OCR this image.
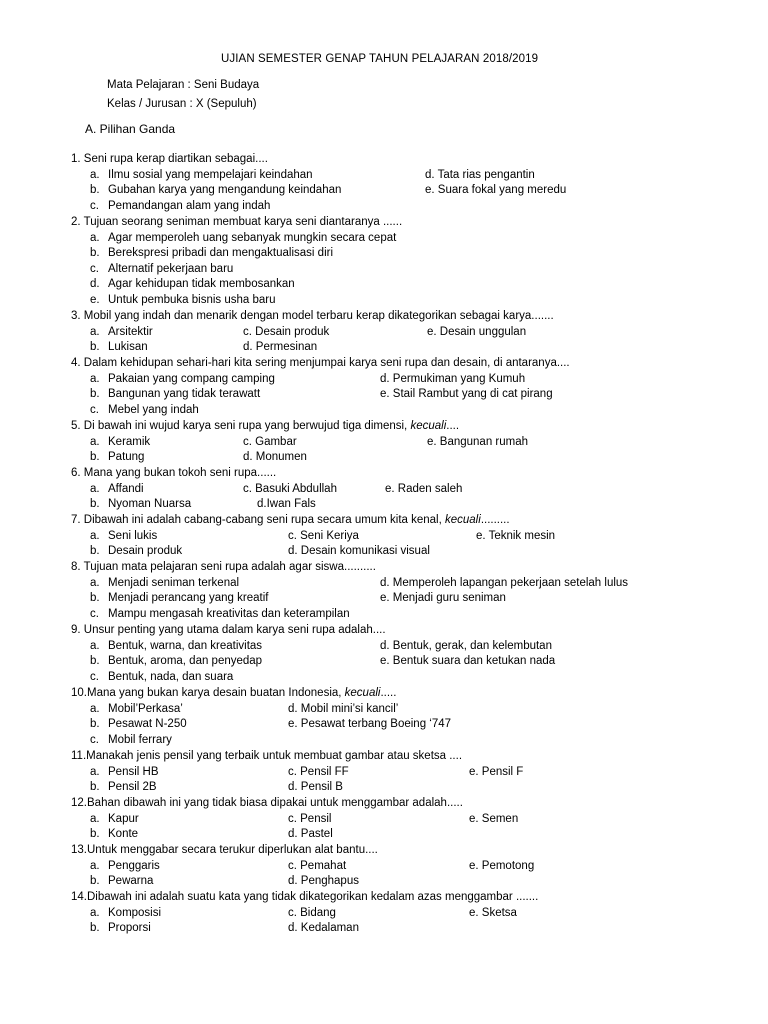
UJIAN SEMESTER GENAP TAHUN PELAJARAN 2018/2019
Mata Pelajaran : Seni Budaya
Kelas / Jurusan : X (Sepuluh)
A. Pilihan Ganda
1. Seni rupa kerap diartikan sebagai....
a. Ilmu sosial yang mempelajari keindahan	d. Tata rias pengantin
b. Gubahan karya yang mengandung keindahan	e. Suara fokal yang meredu
c. Pemandangan alam yang indah
2. Tujuan seorang seniman membuat karya seni diantaranya ......
a. Agar memperoleh uang sebanyak mungkin secara cepat
b. Berekspresi pribadi dan mengaktualisasi diri
c. Alternatif pekerjaan baru
d. Agar kehidupan tidak membosankan
e. Untuk pembuka bisnis usha baru
3. Mobil yang indah dan menarik dengan model terbaru kerap dikategorikan sebagai karya.......
a. Arsitektir	c. Desain produk	e. Desain unggulan
b. Lukisan	d. Permesinan
4. Dalam kehidupan sehari-hari kita sering menjumpai karya seni rupa dan desain, di antaranya....
a. Pakaian yang compang camping	d. Permukiman yang Kumuh
b. Bangunan yang tidak terawatt	e. Stail Rambut yang di cat pirang
c. Mebel yang indah
5. Di bawah ini wujud karya seni rupa yang berwujud tiga dimensi, kecuali....
a. Keramik	c. Gambar	e. Bangunan rumah
b. Patung	d. Monumen
6. Mana yang bukan tokoh seni rupa......
a. Affandi	c. Basuki Abdullah	e. Raden saleh
b. Nyoman Nuarsa	d.Iwan Fals
7. Dibawah ini adalah cabang-cabang seni rupa secara umum kita kenal, kecuali.........
a. Seni lukis	c. Seni Keriya	e. Teknik mesin
b. Desain produk	d. Desain komunikasi visual
8. Tujuan mata pelajaran seni rupa adalah agar siswa..........
a. Menjadi seniman terkenal	d. Memperoleh lapangan pekerjaan setelah lulus
b. Menjadi perancang yang kreatif	e. Menjadi guru seniman
c. Mampu mengasah kreativitas dan keterampilan
9. Unsur penting yang utama dalam karya seni rupa adalah....
a. Bentuk, warna, dan kreativitas	d. Bentuk, gerak, dan kelembutan
b. Bentuk, aroma, dan penyedap	e. Bentuk suara dan ketukan nada
c. Bentuk, nada, dan suara
10.Mana yang bukan karya desain buatan Indonesia, kecuali.....
a. Mobil’Perkasa’	d. Mobil mini’si kancil’
b. Pesawat N-250	e. Pesawat terbang Boeing ‘747
c. Mobil ferrary
11.Manakah jenis pensil yang terbaik untuk membuat gambar atau sketsa ....
a. Pensil HB	c. Pensil FF	e. Pensil F
b. Pensil 2B	d. Pensil B
12.Bahan dibawah ini yang tidak biasa dipakai untuk menggambar adalah.....
a. Kapur	c. Pensil	e. Semen
b. Konte	d. Pastel
13.Untuk menggabar secara terukur diperlukan alat bantu....
a. Penggaris	c. Pemahat	e. Pemotong
b. Pewarna	d. Penghapus
14.Dibawah ini adalah suatu kata yang tidak dikategorikan kedalam azas menggambar .......
a. Komposisi	c. Bidang	e. Sketsa
b. Proporsi	d. Kedalaman
